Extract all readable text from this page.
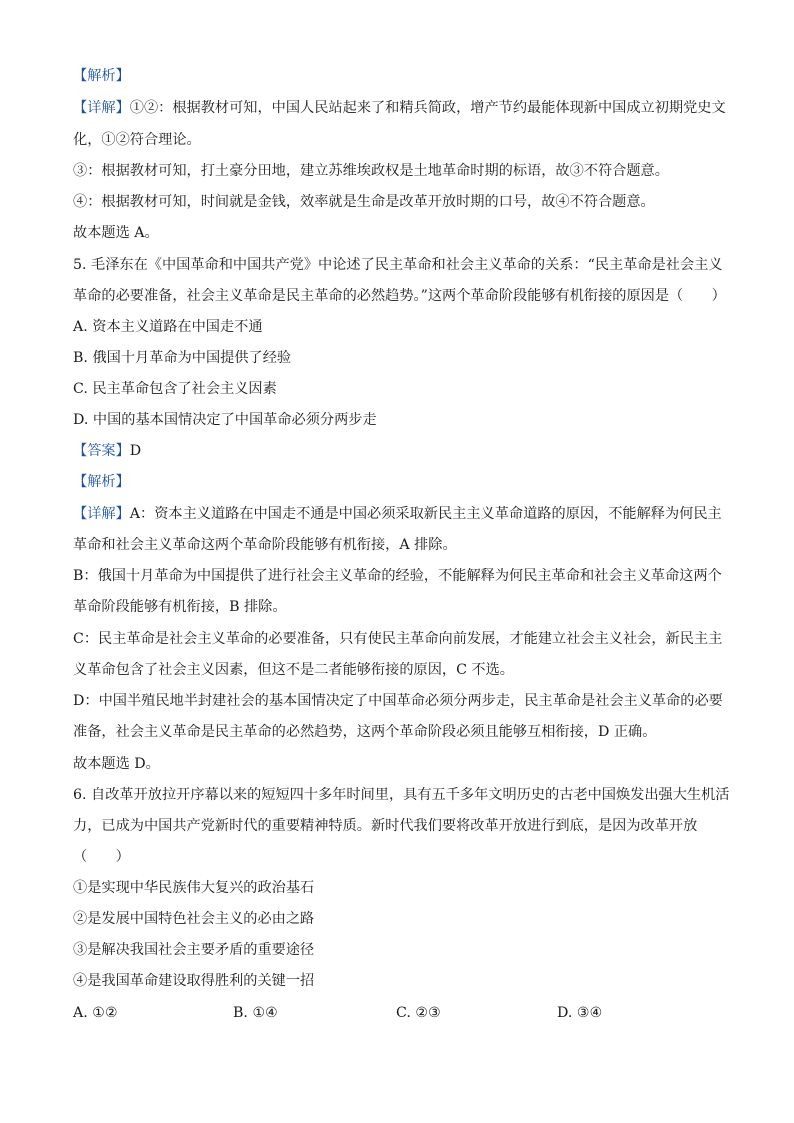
【解析】
【详解】①②：根据教材可知，中国人民站起来了和精兵简政，增产节约最能体现新中国成立初期党史文
化，①②符合理论。
③：根据教材可知，打土豪分田地，建立苏维埃政权是土地革命时期的标语，故③不符合题意。
④：根据教材可知，时间就是金钱，效率就是生命是改革开放时期的口号，故④不符合题意。
故本题选 A。
5. 毛泽东在《中国革命和中国共产党》中论述了民主革命和社会主义革命的关系：“民主革命是社会主义
革命的必要准备，社会主义革命是民主革命的必然趋势。”这两个革命阶段能够有机衔接的原因是（　　）
A. 资本主义道路在中国走不通
B. 俄国十月革命为中国提供了经验
C. 民主革命包含了社会主义因素
D. 中国的基本国情决定了中国革命必须分两步走
【答案】D
【解析】
【详解】A：资本主义道路在中国走不通是中国必须采取新民主主义革命道路的原因，不能解释为何民主
革命和社会主义革命这两个革命阶段能够有机衔接，A 排除。
B：俄国十月革命为中国提供了进行社会主义革命的经验，不能解释为何民主革命和社会主义革命这两个
革命阶段能够有机衔接，B 排除。
C：民主革命是社会主义革命的必要准备，只有使民主革命向前发展，才能建立社会主义社会，新民主主
义革命包含了社会主义因素，但这不是二者能够衔接的原因，C 不选。
D：中国半殖民地半封建社会的基本国情决定了中国革命必须分两步走，民主革命是社会主义革命的必要
准备，社会主义革命是民主革命的必然趋势，这两个革命阶段必须且能够互相衔接，D 正确。
故本题选 D。
6. 自改革开放拉开序幕以来的短短四十多年时间里，具有五千多年文明历史的古老中国焕发出强大生机活
力，已成为中国共产党新时代的重要精神特质。新时代我们要将改革开放进行到底，是因为改革开放
（　　）
①是实现中华民族伟大复兴的政治基石
②是发展中国特色社会主义的必由之路
③是解决我国社会主要矛盾的重要途径
④是我国革命建设取得胜利的关键一招
A. ①②	B. ①④	C. ②③	D. ③④
